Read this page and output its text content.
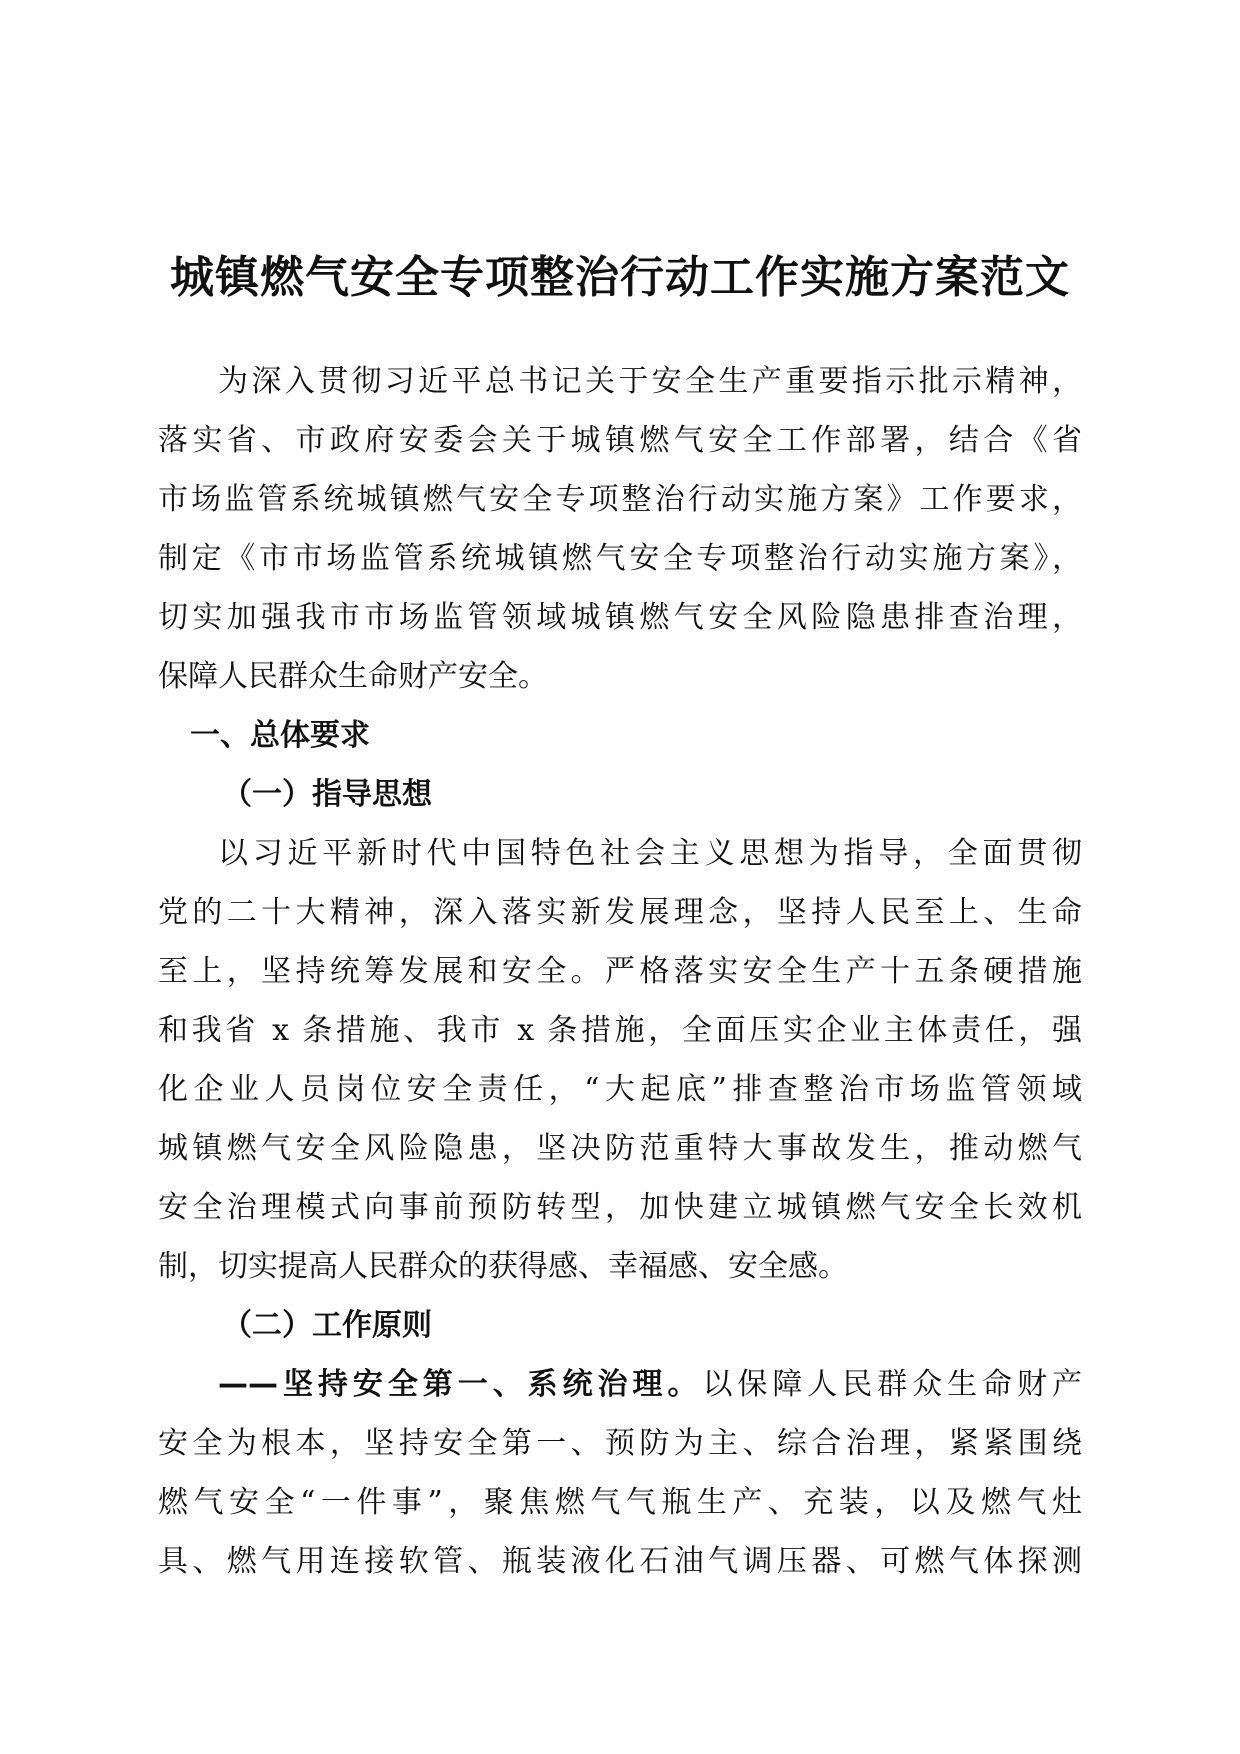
城镇燃气安全专项整治行动工作实施方案范文
为深入贯彻习近平总书记关于安全生产重要指示批示精神，
落实省、市政府安委会关于城镇燃气安全工作部署，结合《省
市场监管系统城镇燃气安全专项整治行动实施方案》工作要求，
制定《市市场监管系统城镇燃气安全专项整治行动实施方案》，
切实加强我市市场监管领域城镇燃气安全风险隐患排查治理，
保障人民群众生命财产安全。
一、总体要求
（一）指导思想
以习近平新时代中国特色社会主义思想为指导，全面贯彻
党的二十大精神，深入落实新发展理念，坚持人民至上、生命
至上，坚持统筹发展和安全。严格落实安全生产十五条硬措施
和我省 x 条措施、我市 x 条措施，全面压实企业主体责任，强
化企业人员岗位安全责任，“大起底”排查整治市场监管领域
城镇燃气安全风险隐患，坚决防范重特大事故发生，推动燃气
安全治理模式向事前预防转型，加快建立城镇燃气安全长效机
制，切实提高人民群众的获得感、幸福感、安全感。
（二）工作原则
——坚持安全第一、系统治理。以保障人民群众生命财产
安全为根本，坚持安全第一、预防为主、综合治理，紧紧围绕
燃气安全“一件事”，聚焦燃气气瓶生产、充装，以及燃气灶
具、燃气用连接软管、瓶装液化石油气调压器、可燃气体探测
